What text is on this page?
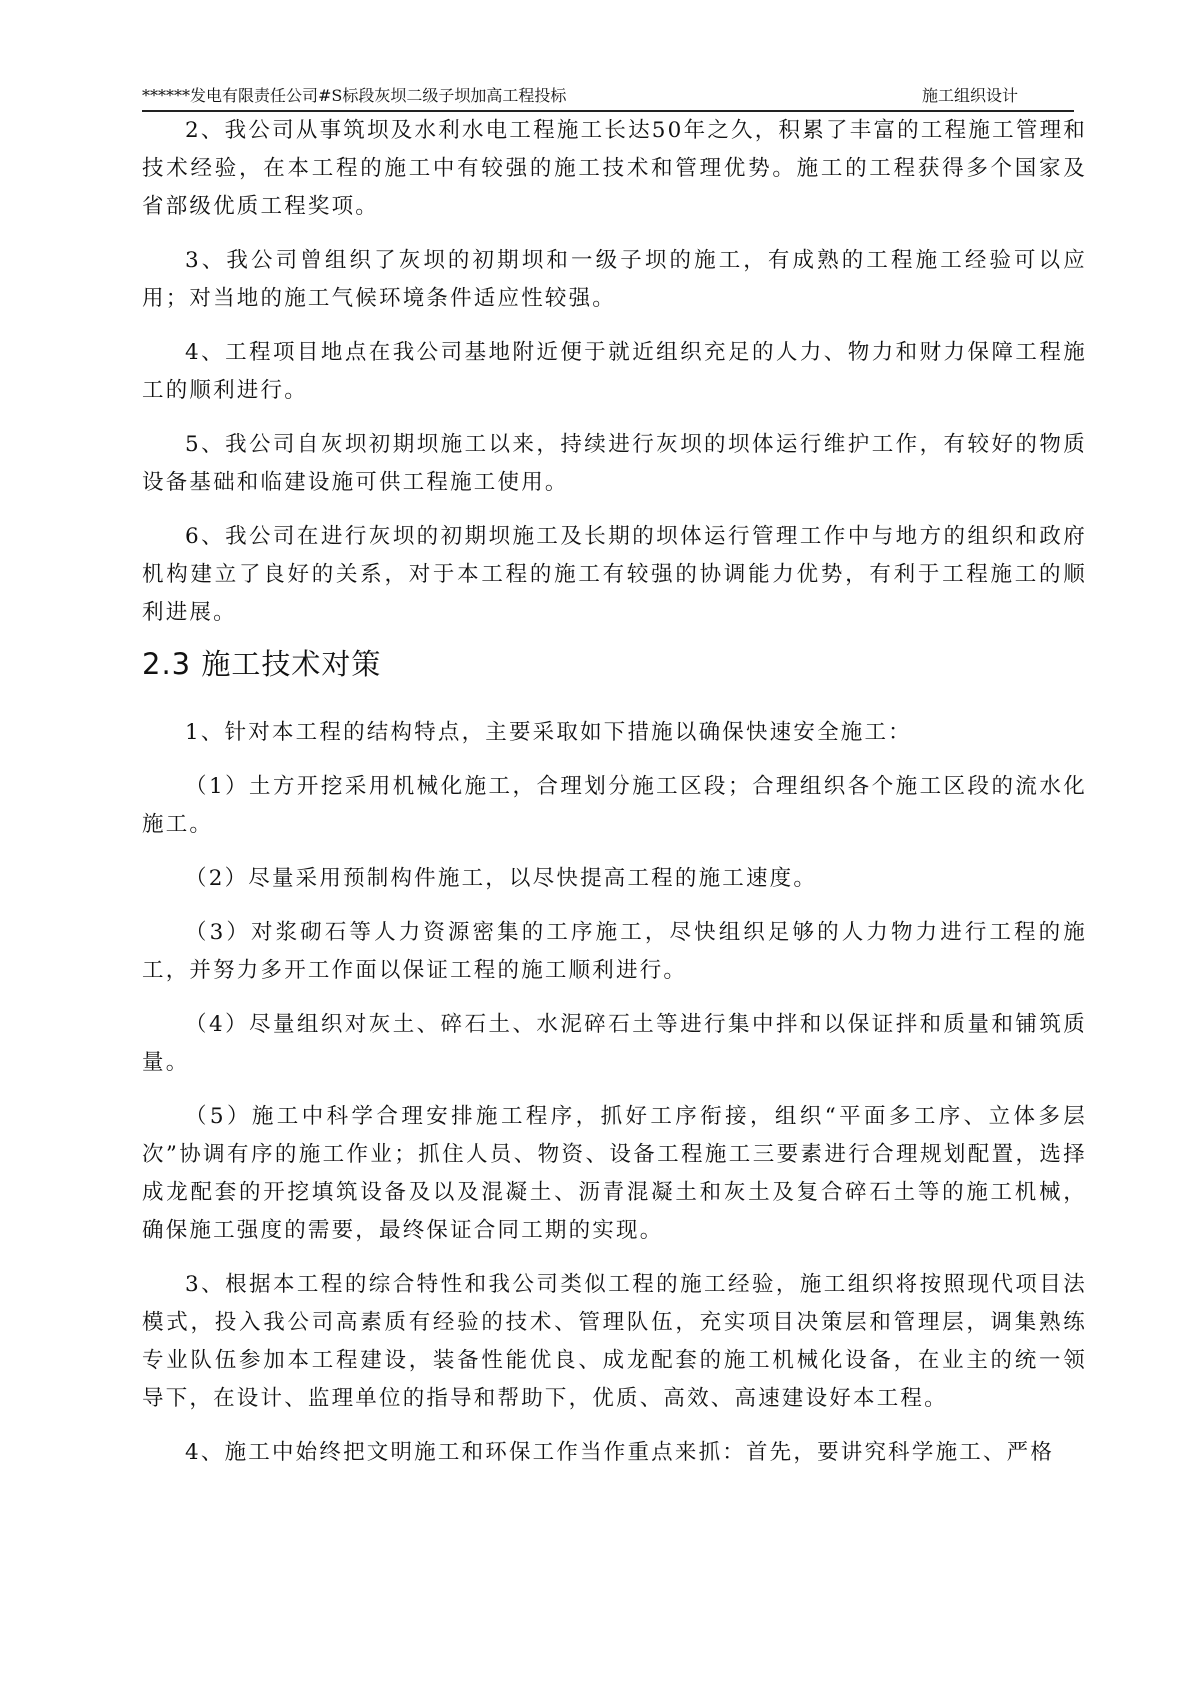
******发电有限责任公司#S标段灰坝二级子坝加高工程投标	施工组织设计

2、我公司从事筑坝及水利水电工程施工长达50年之久，积累了丰富的工程施工管理和技术经验，在本工程的施工中有较强的施工技术和管理优势。施工的工程获得多个国家及省部级优质工程奖项。

3、我公司曾组织了灰坝的初期坝和一级子坝的施工，有成熟的工程施工经验可以应用；对当地的施工气候环境条件适应性较强。

4、工程项目地点在我公司基地附近便于就近组织充足的人力、物力和财力保障工程施工的顺利进行。

5、我公司自灰坝初期坝施工以来，持续进行灰坝的坝体运行维护工作，有较好的物质设备基础和临建设施可供工程施工使用。

6、我公司在进行灰坝的初期坝施工及长期的坝体运行管理工作中与地方的组织和政府机构建立了良好的关系，对于本工程的施工有较强的协调能力优势，有利于工程施工的顺利进展。

2.3 施工技术对策

1、针对本工程的结构特点，主要采取如下措施以确保快速安全施工：

（1）土方开挖采用机械化施工，合理划分施工区段；合理组织各个施工区段的流水化施工。

（2）尽量采用预制构件施工，以尽快提高工程的施工速度。

（3）对浆砌石等人力资源密集的工序施工，尽快组织足够的人力物力进行工程的施工，并努力多开工作面以保证工程的施工顺利进行。

（4）尽量组织对灰土、碎石土、水泥碎石土等进行集中拌和以保证拌和质量和铺筑质量。

（5）施工中科学合理安排施工程序，抓好工序衔接，组织“平面多工序、立体多层次”协调有序的施工作业；抓住人员、物资、设备工程施工三要素进行合理规划配置，选择成龙配套的开挖填筑设备及以及混凝土、沥青混凝土和灰土及复合碎石土等的施工机械，确保施工强度的需要，最终保证合同工期的实现。

3、根据本工程的综合特性和我公司类似工程的施工经验，施工组织将按照现代项目法模式，投入我公司高素质有经验的技术、管理队伍，充实项目决策层和管理层，调集熟练专业队伍参加本工程建设，装备性能优良、成龙配套的施工机械化设备，在业主的统一领导下，在设计、监理单位的指导和帮助下，优质、高效、高速建设好本工程。

4、施工中始终把文明施工和环保工作当作重点来抓：首先，要讲究科学施工、严格
